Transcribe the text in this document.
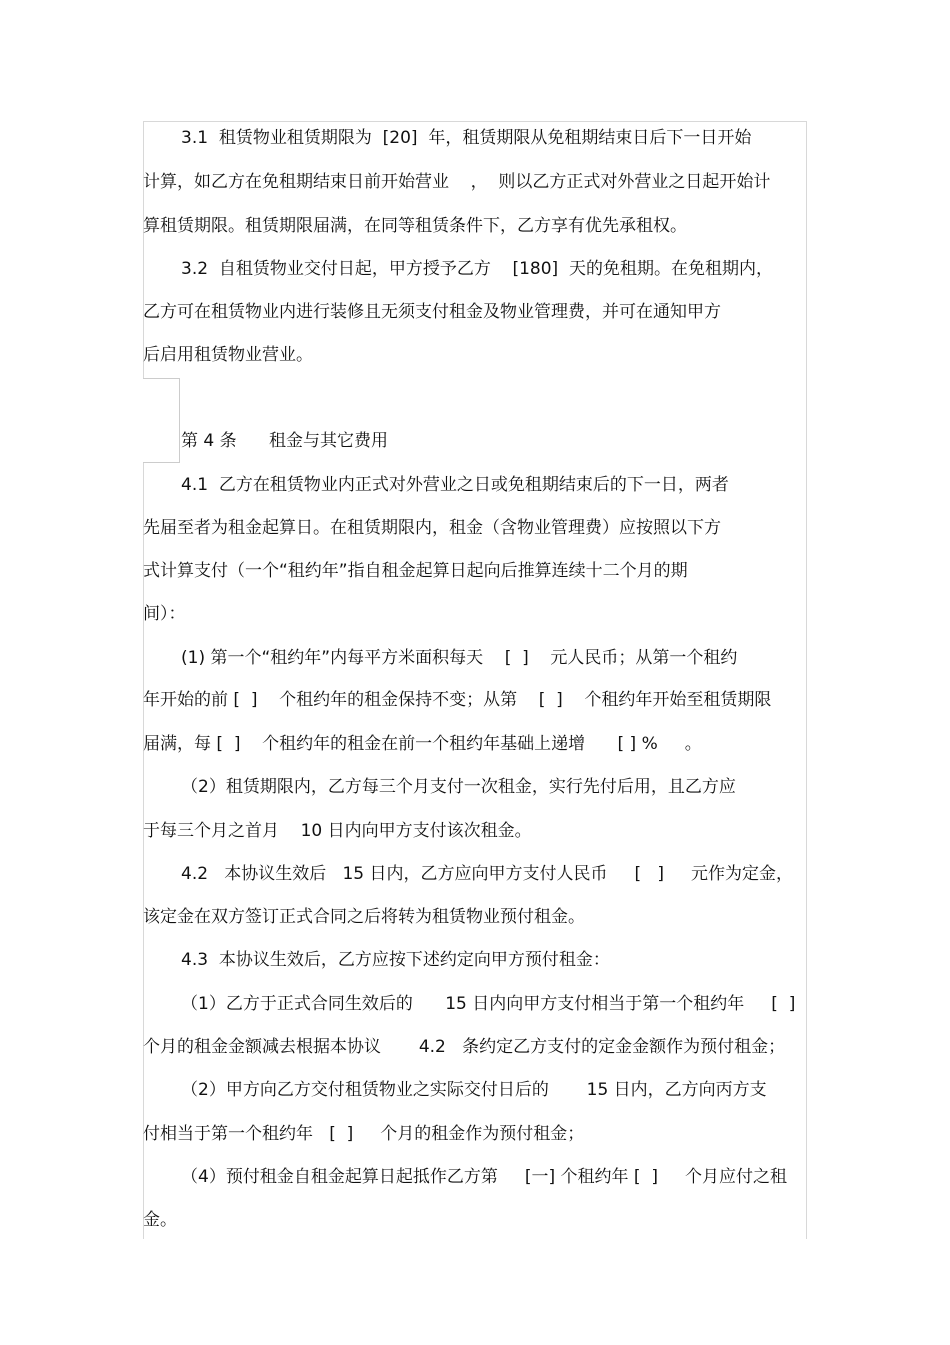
3.1  租赁物业租赁期限为  [20]  年，租赁期限从免租期结束日后下一日开始

计算，如乙方在免租期结束日前开始营业    ，  则以乙方正式对外营业之日起开始计

算租赁期限。租赁期限届满，在同等租赁条件下，乙方享有优先承租权。

3.2  自租赁物业交付日起，甲方授予乙方    [180]  天的免租期。在免租期内，

乙方可在租赁物业内进行装修且无须支付租金及物业管理费，并可在通知甲方

后启用租赁物业营业。

第 4 条      租金与其它费用

4.1  乙方在租赁物业内正式对外营业之日或免租期结束后的下一日，两者

先届至者为租金起算日。在租赁期限内，租金（含物业管理费）应按照以下方

式计算支付（一个“租约年”指自租金起算日起向后推算连续十二个月的期

间）：

(1) 第一个“租约年”内每平方米面积每天    [  ]    元人民币；从第一个租约

年开始的前 [  ]    个租约年的租金保持不变；从第    [  ]    个租约年开始至租赁期限

届满，每 [  ]    个租约年的租金在前一个租约年基础上递增      [ ] %     。

（2）租赁期限内，乙方每三个月支付一次租金，实行先付后用，且乙方应

于每三个月之首月    10 日内向甲方支付该次租金。

4.2   本协议生效后   15 日内，乙方应向甲方支付人民币     [   ]     元作为定金，

该定金在双方签订正式合同之后将转为租赁物业预付租金。

4.3  本协议生效后，乙方应按下述约定向甲方预付租金：

（1）乙方于正式合同生效后的      15 日内向甲方支付相当于第一个租约年     [  ]

个月的租金金额减去根据本协议       4.2   条约定乙方支付的定金金额作为预付租金；

（2）甲方向乙方交付租赁物业之实际交付日后的       15 日内，乙方向丙方支

付相当于第一个租约年   [  ]     个月的租金作为预付租金；

（4）预付租金自租金起算日起抵作乙方第     [一] 个租约年 [  ]     个月应付之租

金。
